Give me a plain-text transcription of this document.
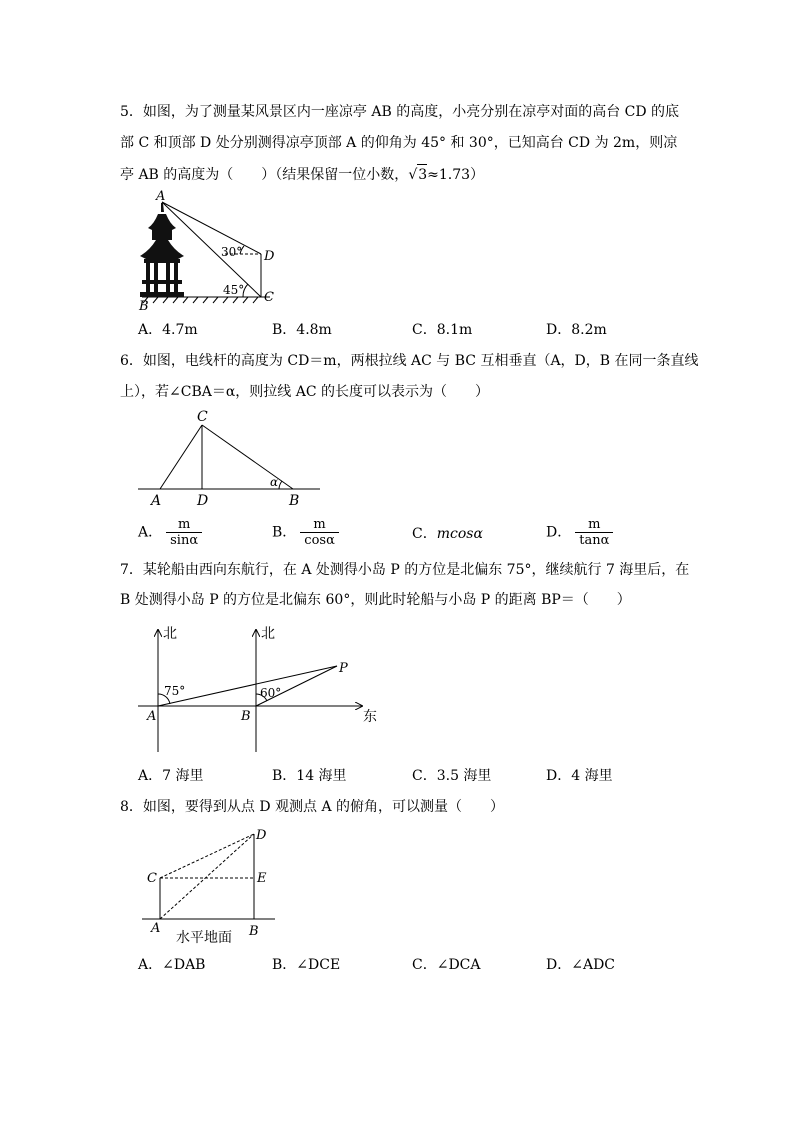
5．如图，为了测量某风景区内一座凉亭 AB 的高度，小亮分别在凉亭对面的高台 CD 的底
部 C 和顶部 D 处分别测得凉亭顶部 A 的仰角为 45° 和 30°，已知高台 CD 为 2m，则凉
亭 AB 的高度为（　　）（结果保留一位小数，√3≈1.73）
A
B
C
D
30°
45°
A．4.7m	B．4.8m	C．8.1m	D．8.2m
6．如图，电线杆的高度为 CD＝m，两根拉线 AC 与 BC 互相垂直（A，D，B 在同一条直线
上），若∠CBA＝α，则拉线 AC 的长度可以表示为（　　）
C
A	D	B
α
A． $\frac{m}{\sin\alpha}$	B． $\frac{m}{\cos\alpha}$	C．mcosα	D． $\frac{m}{\tan\alpha}$
7．某轮船由西向东航行，在 A 处测得小岛 P 的方位是北偏东 75°，继续航行 7 海里后，在
B 处测得小岛 P 的方位是北偏东 60°，则此时轮船与小岛 P 的距离 BP＝（　　）
北	北
东
A	B
P
75°	60°
A．7 海里	B．14 海里	C．3.5 海里	D．4 海里
8．如图，要得到从点 D 观测点 A 的俯角，可以测量（　　）
D
C	E
A	B
水平地面
A．∠DAB	B．∠DCE	C．∠DCA	D．∠ADC
